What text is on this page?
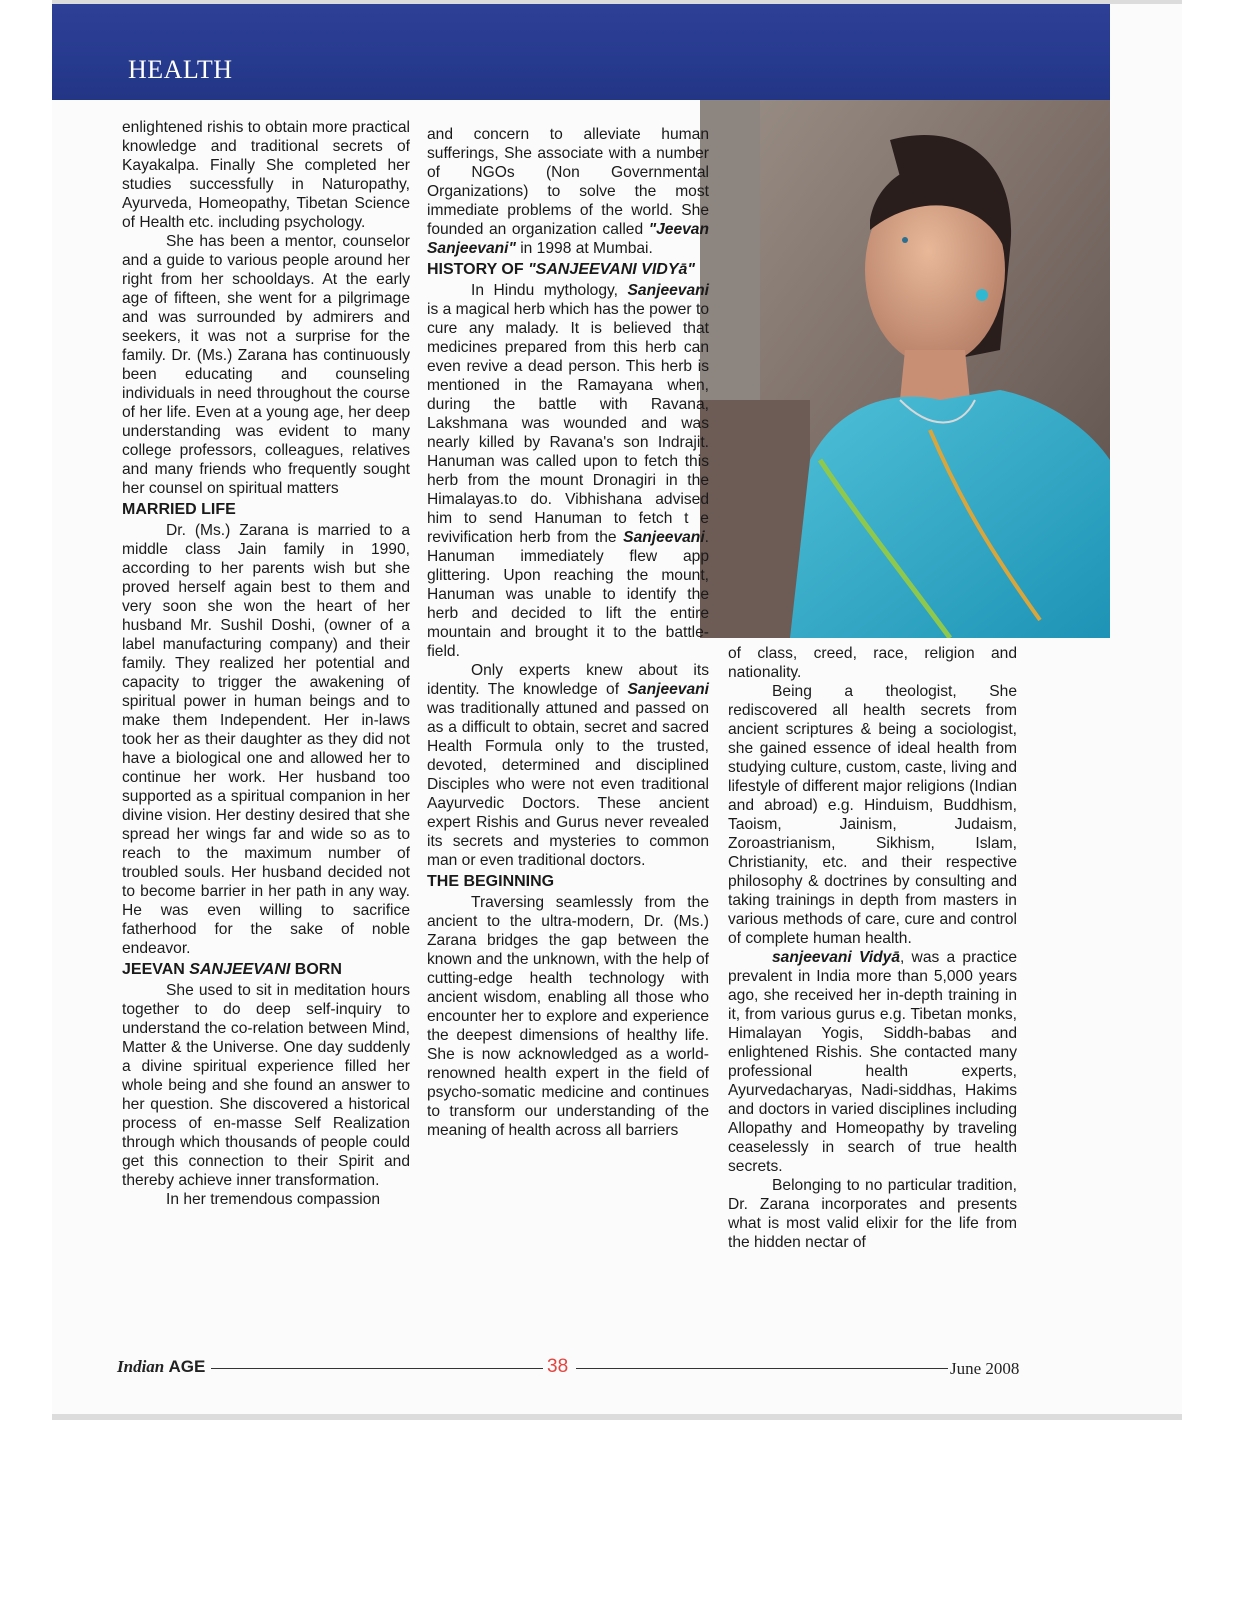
HEALTH

enlightened rishis to obtain more practical knowledge and traditional secrets of Kayakalpa. Finally She completed her studies successfully in Naturopathy, Ayurveda, Homeopathy, Tibetan Science of Health etc. including psychology.

She has been a mentor, counselor and a guide to various people around her right from her schooldays. At the early age of fifteen, she went for a pilgrimage and was surrounded by admirers and seekers, it was not a surprise for the family. Dr. (Ms.) Zarana has continuously been educating and counseling individuals in need throughout the course of her life. Even at a young age, her deep understanding was evident to many college professors, colleagues, relatives and many friends who frequently sought her counsel on spiritual matters

MARRIED LIFE

Dr. (Ms.) Zarana is married to a middle class Jain family in 1990, according to her parents wish but she proved herself again best to them and very soon she won the heart of her husband Mr. Sushil Doshi, (owner of a label manufacturing company) and their family. They realized her potential and capacity to trigger the awakening of spiritual power in human beings and to make them Independent. Her in-laws took her as their daughter as they did not have a biological one and allowed her to continue her work. Her husband too supported as a spiritual companion in her divine vision. Her destiny desired that she spread her wings far and wide so as to reach to the maximum number of troubled souls. Her husband decided not to become barrier in her path in any way. He was even willing to sacrifice fatherhood for the sake of noble endeavor.

JEEVAN SANJEEVANI BORN

She used to sit in meditation hours together to do deep self-inquiry to understand the co-relation between Mind, Matter & the Universe. One day suddenly a divine spiritual experience filled her whole being and she found an answer to her question. She discovered a historical process of en-masse Self Realization through which thousands of people could get this connection to their Spirit and thereby achieve inner transformation.

In her tremendous compassion

and concern to alleviate human sufferings, She associate with a number of NGOs (Non Governmental Organizations) to solve the most immediate problems of the world. She founded an organization called "Jeevan Sanjeevani" in 1998 at Mumbai.

HISTORY OF "SANJEEVANI VIDYā"

In Hindu mythology, Sanjeevani is a magical herb which has the power to cure any malady. It is believed that medicines prepared from this herb can even revive a dead person. This herb is mentioned in the Ramayana when, during the battle with Ravana, Lakshmana was wounded and was nearly killed by Ravana's son Indrajit. Hanuman was called upon to fetch this herb from the mount Dronagiri in the Himalayas.to do. Vibhishana advised him to send Hanuman to fetch t e revivification herb from the Sanjeevani. Hanuman immediately flew app glittering. Upon reaching the mount, Hanuman was unable to identify the herb and decided to lift the entire mountain and brought it to the battle-field.

Only experts knew about its identity. The knowledge of Sanjeevani was traditionally attuned and passed on as a difficult to obtain, secret and sacred Health Formula only to the trusted, devoted, determined and disciplined Disciples who were not even traditional Aayurvedic Doctors. These ancient expert Rishis and Gurus never revealed its secrets and mysteries to common man or even traditional doctors.

THE BEGINNING

Traversing seamlessly from the ancient to the ultra-modern, Dr. (Ms.) Zarana bridges the gap between the known and the unknown, with the help of cutting-edge health technology with ancient wisdom, enabling all those who encounter her to explore and experience the deepest dimensions of healthy life. She is now acknowledged as a world-renowned health expert in the field of psycho-somatic medicine and continues to transform our understanding of the meaning of health across all barriers

of class, creed, race, religion and nationality.

Being a theologist, She rediscovered all health secrets from ancient scriptures & being a sociologist, she gained essence of ideal health from studying culture, custom, caste, living and lifestyle of different major religions (Indian and abroad) e.g. Hinduism, Buddhism, Taoism, Jainism, Judaism, Zoroastrianism, Sikhism, Islam, Christianity, etc. and their respective philosophy & doctrines by consulting and taking trainings in depth from masters in various methods of care, cure and control of complete human health.

sanjeevani Vidyā, was a practice prevalent in India more than 5,000 years ago, she received her in-depth training in it, from various gurus e.g. Tibetan monks, Himalayan Yogis, Siddh-babas and enlightened Rishis. She contacted many professional health experts, Ayurvedacharyas, Nadi-siddhas, Hakims and doctors in varied disciplines including Allopathy and Homeopathy by traveling ceaselessly in search of true health secrets.

Belonging to no particular tradition, Dr. Zarana incorporates and presents what is most valid elixir for the life from the hidden nectar of

Indian AGE	38	June 2008
